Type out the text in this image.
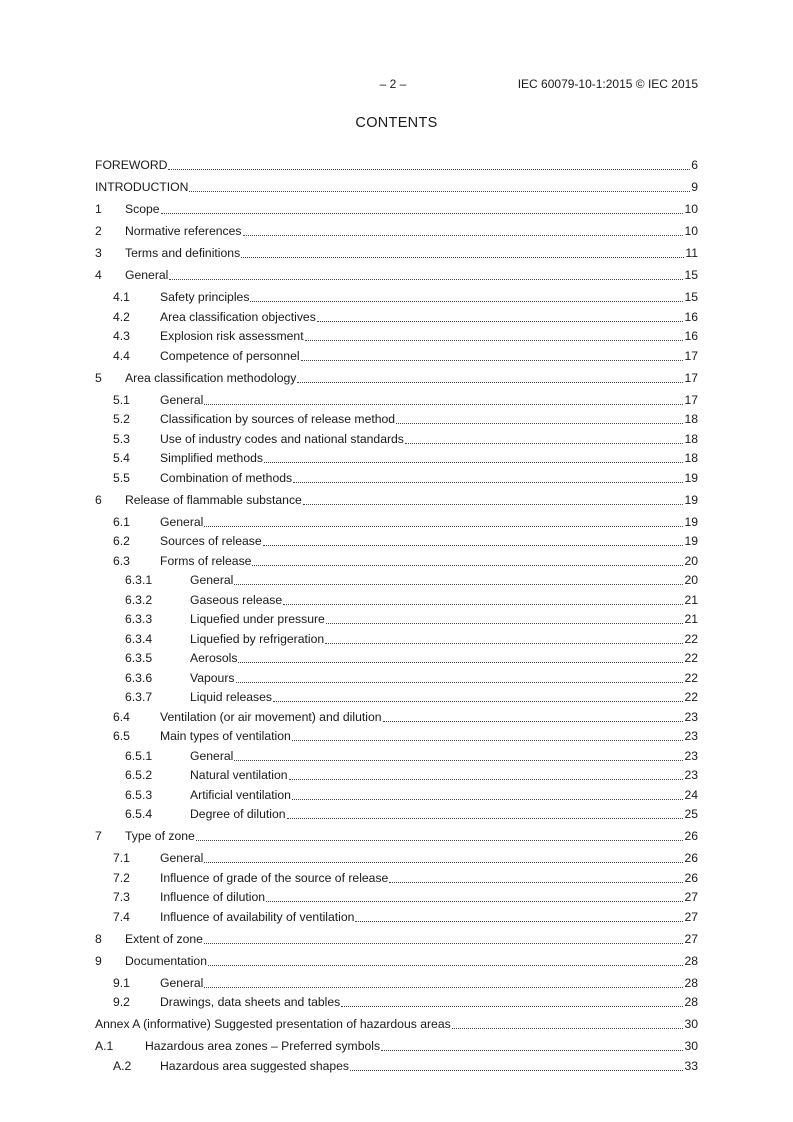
– 2 –	IEC 60079-10-1:2015 © IEC 2015
CONTENTS
FOREWORD	6
INTRODUCTION	9
1	Scope	10
2	Normative references	10
3	Terms and definitions	11
4	General	15
4.1	Safety principles	15
4.2	Area classification objectives	16
4.3	Explosion risk assessment	16
4.4	Competence of personnel	17
5	Area classification methodology	17
5.1	General	17
5.2	Classification by sources of release method	18
5.3	Use of industry codes and national standards	18
5.4	Simplified methods	18
5.5	Combination of methods	19
6	Release of flammable substance	19
6.1	General	19
6.2	Sources of release	19
6.3	Forms of release	20
6.3.1	General	20
6.3.2	Gaseous release	21
6.3.3	Liquefied under pressure	21
6.3.4	Liquefied by refrigeration	22
6.3.5	Aerosols	22
6.3.6	Vapours	22
6.3.7	Liquid releases	22
6.4	Ventilation (or air movement) and dilution	23
6.5	Main types of ventilation	23
6.5.1	General	23
6.5.2	Natural ventilation	23
6.5.3	Artificial ventilation	24
6.5.4	Degree of dilution	25
7	Type of zone	26
7.1	General	26
7.2	Influence of grade of the source of release	26
7.3	Influence of dilution	27
7.4	Influence of availability of ventilation	27
8	Extent of zone	27
9	Documentation	28
9.1	General	28
9.2	Drawings, data sheets and tables	28
Annex A (informative) Suggested presentation of hazardous areas	30
A.1	Hazardous area zones – Preferred symbols	30
A.2	Hazardous area suggested shapes	33
